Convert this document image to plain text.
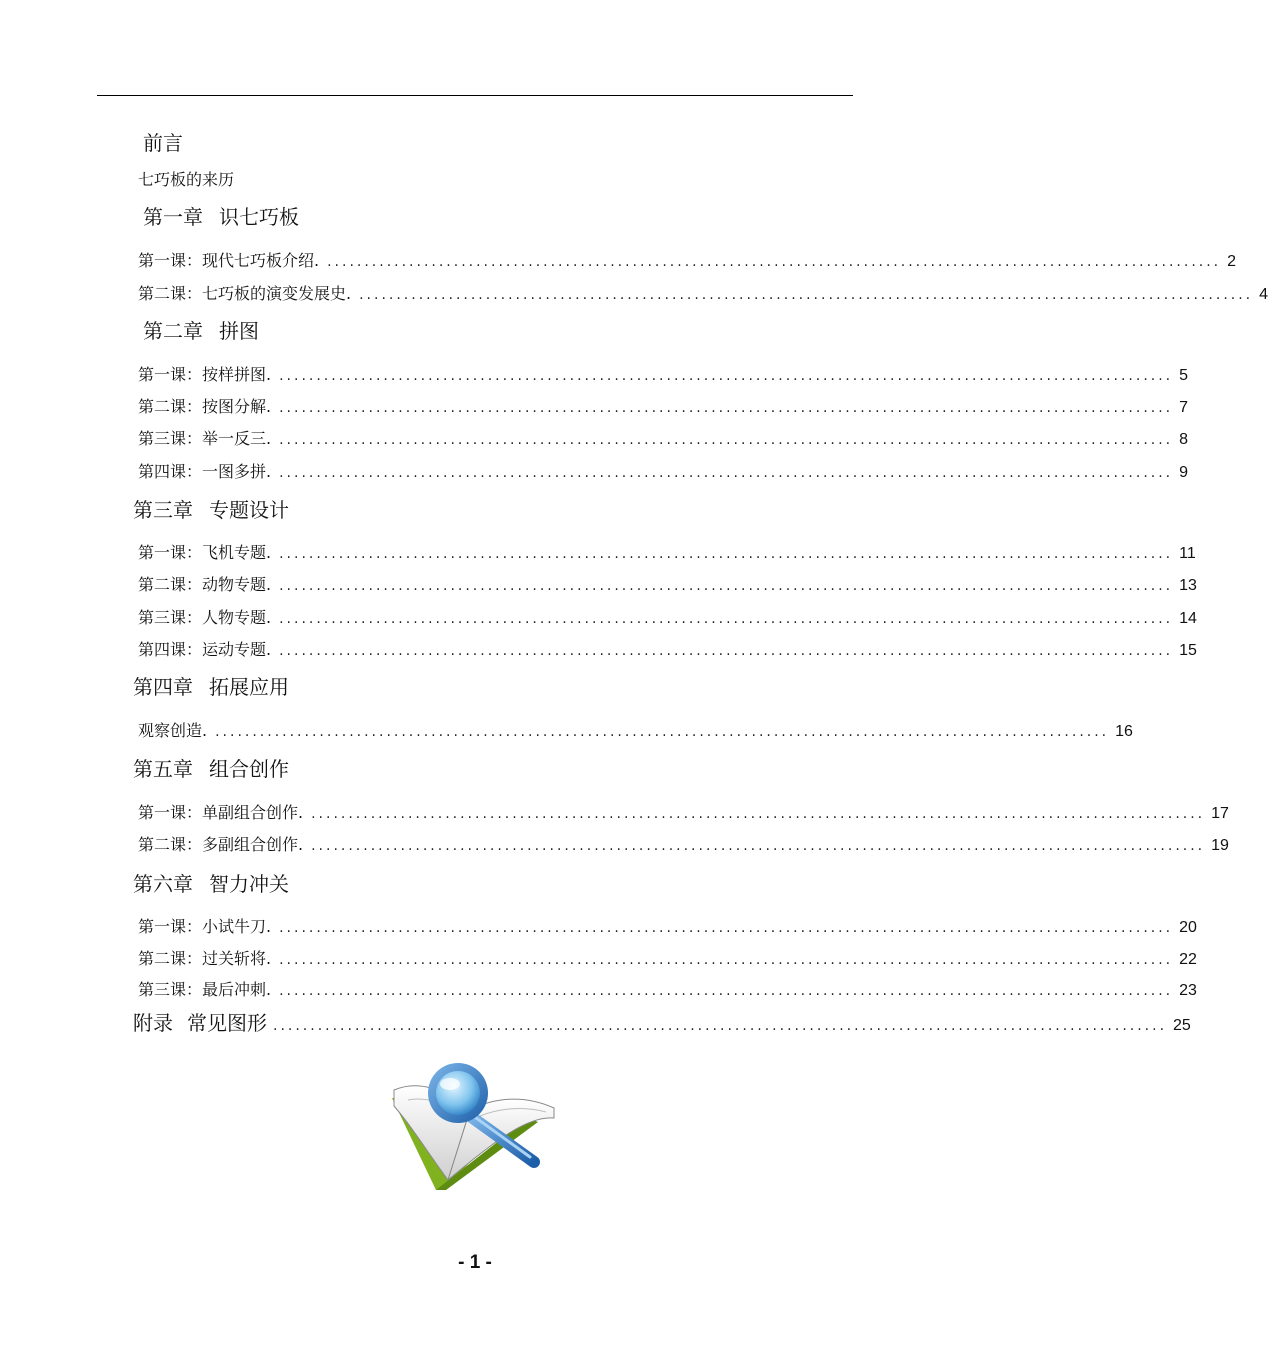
前言
七巧板的来历
第一章 识七巧板
第一课：现代七巧板介绍. ........................................................................................................................ 2
第二课：七巧板的演变发展史. ........................................................................................................................ 4
第二章 拼图
第一课：按样拼图. ........................................................................................................................ 5
第二课：按图分解. ........................................................................................................................ 7
第三课：举一反三. ........................................................................................................................ 8
第四课：一图多拼. ........................................................................................................................ 9
第三章 专题设计
第一课：飞机专题. ........................................................................................................................ 11
第二课：动物专题. ........................................................................................................................ 13
第三课：人物专题. ........................................................................................................................ 14
第四课：运动专题. ........................................................................................................................ 15
第四章 拓展应用
观察创造. ........................................................................................................................ 16
第五章 组合创作
第一课：单副组合创作. ........................................................................................................................ 17
第二课：多副组合创作. ........................................................................................................................ 19
第六章 智力冲关
第一课：小试牛刀. ........................................................................................................................ 20
第二课：过关斩将. ........................................................................................................................ 22
第三课：最后冲刺. ........................................................................................................................ 23
附录 常见图形 ........................................................................................................................ 25
- 1 -
